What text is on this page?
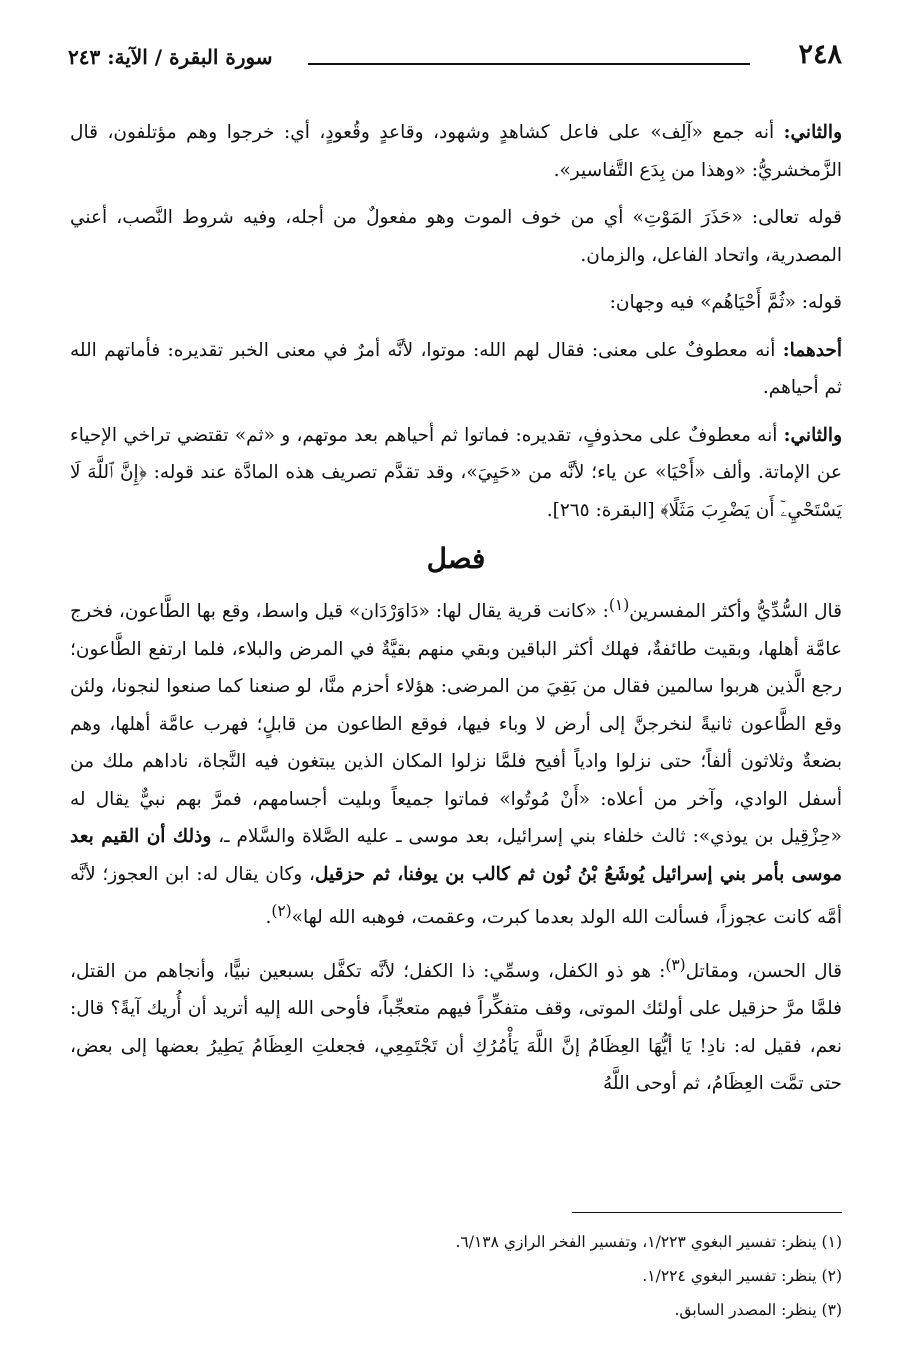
٢٤٨
سورة البقرة / الآية: ٢٤٣

والثاني: أنه جمع «آلِف» على فاعل كشاهدٍ وشهود، وقاعدٍ وقُعودٍ، أي: خرجوا وهم مؤتلفون، قال الزَّمخشريُّ: «وهذا من بِدَع التَّفاسير».

قوله تعالى: «حَذَرَ المَوْتِ» أي من خوف الموت وهو مفعولٌ من أجله، وفيه شروط النَّصب، أعني المصدرية، واتحاد الفاعل، والزمان.

قوله: «ثُمَّ أَحْيَاهُم» فيه وجهان:

أحدهما: أنه معطوفٌ على معنى: فقال لهم الله: موتوا، لأنَّه أمرٌ في معنى الخبر تقديره: فأماتهم الله ثم أحياهم.

والثاني: أنه معطوفٌ على محذوفٍ، تقديره: فماتوا ثم أحياهم بعد موتهم، و «ثم» تقتضي تراخي الإحياء عن الإماتة. وألف «أَحْيَا» عن ياء؛ لأنَّه من «حَيِيَ»، وقد تقدَّم تصريف هذه المادَّة عند قوله: ﴿إِنَّ ٱللَّهَ لَا يَسْتَحْيِۦٓ أَن يَضْرِبَ مَثَلًا﴾ [البقرة: ٢٦٥].

فصل

قال السُّدِّيُّ وأكثر المفسرين$^{(١)}$: «كانت قرية يقال لها: «دَاوَرْدَان» قيل واسط، وقع بها الطَّاعون، فخرج عامَّة أهلها، وبقيت طائفةٌ، فهلك أكثر الباقين وبقي منهم بقيَّةٌ في المرض والبلاء، فلما ارتفع الطَّاعون؛ رجع الَّذين هربوا سالمين فقال من بَقِيَ من المرضى: هؤلاء أحزم منَّا، لو صنعنا كما صنعوا لنجونا، ولئن وقع الطَّاعون ثانيةً لنخرجنَّ إلى أرض لا وباء فيها، فوقع الطاعون من قابلٍ؛ فهرب عامَّة أهلها، وهم بضعةٌ وثلاثون ألفاً؛ حتى نزلوا وادياً أفيح فلمَّا نزلوا المكان الذين يبتغون فيه النَّجاة، ناداهم ملك من أسفل الوادي، وآخر من أعلاه: «أَنْ مُوتُوا» فماتوا جميعاً وبليت أجسامهم، فمرَّ بهم نبيٌّ يقال له «حِزْقِيل بن يوذي»: ثالث خلفاء بني إسرائيل، بعد موسى ـ عليه الصَّلاة والسَّلام ـ، وذلك أن القيم بعد موسى بأمر بني إسرائيل يُوشَعُ بْنُ نُون ثم كالب بن يوفنا، ثم حزقيل، وكان يقال له: ابن العجوز؛ لأنَّه أمَّه كانت عجوزاً، فسألت الله الولد بعدما كبرت، وعقمت، فوهبه الله لها»$^{(٢)}$.

قال الحسن، ومقاتل$^{(٣)}$: هو ذو الكفل، وسمِّي: ذا الكفل؛ لأنَّه تكفَّل بسبعين نبيًّا، وأنجاهم من القتل، فلمَّا مرَّ حزقيل على أولئك الموتى، وقف متفكِّراً فيهم متعجِّباً، فأوحى الله إليه أتريد أن أُريك آيةً؟ قال: نعم، فقيل له: نادِ! يَا أيُّهَا العِظَامُ إنَّ اللَّهَ يَأْمُرُكِ أن تَجْتَمِعِي، فجعلتِ العِظَامُ يَطِيرُ بعضها إلى بعض، حتى تمَّت العِظَامُ، ثم أوحى اللَّهُ

(١) ينظر: تفسير البغوي ١/٢٢٣، وتفسير الفخر الرازي ٦/١٣٨.

(٢) ينظر: تفسير البغوي ١/٢٢٤.

(٣) ينظر: المصدر السابق.
